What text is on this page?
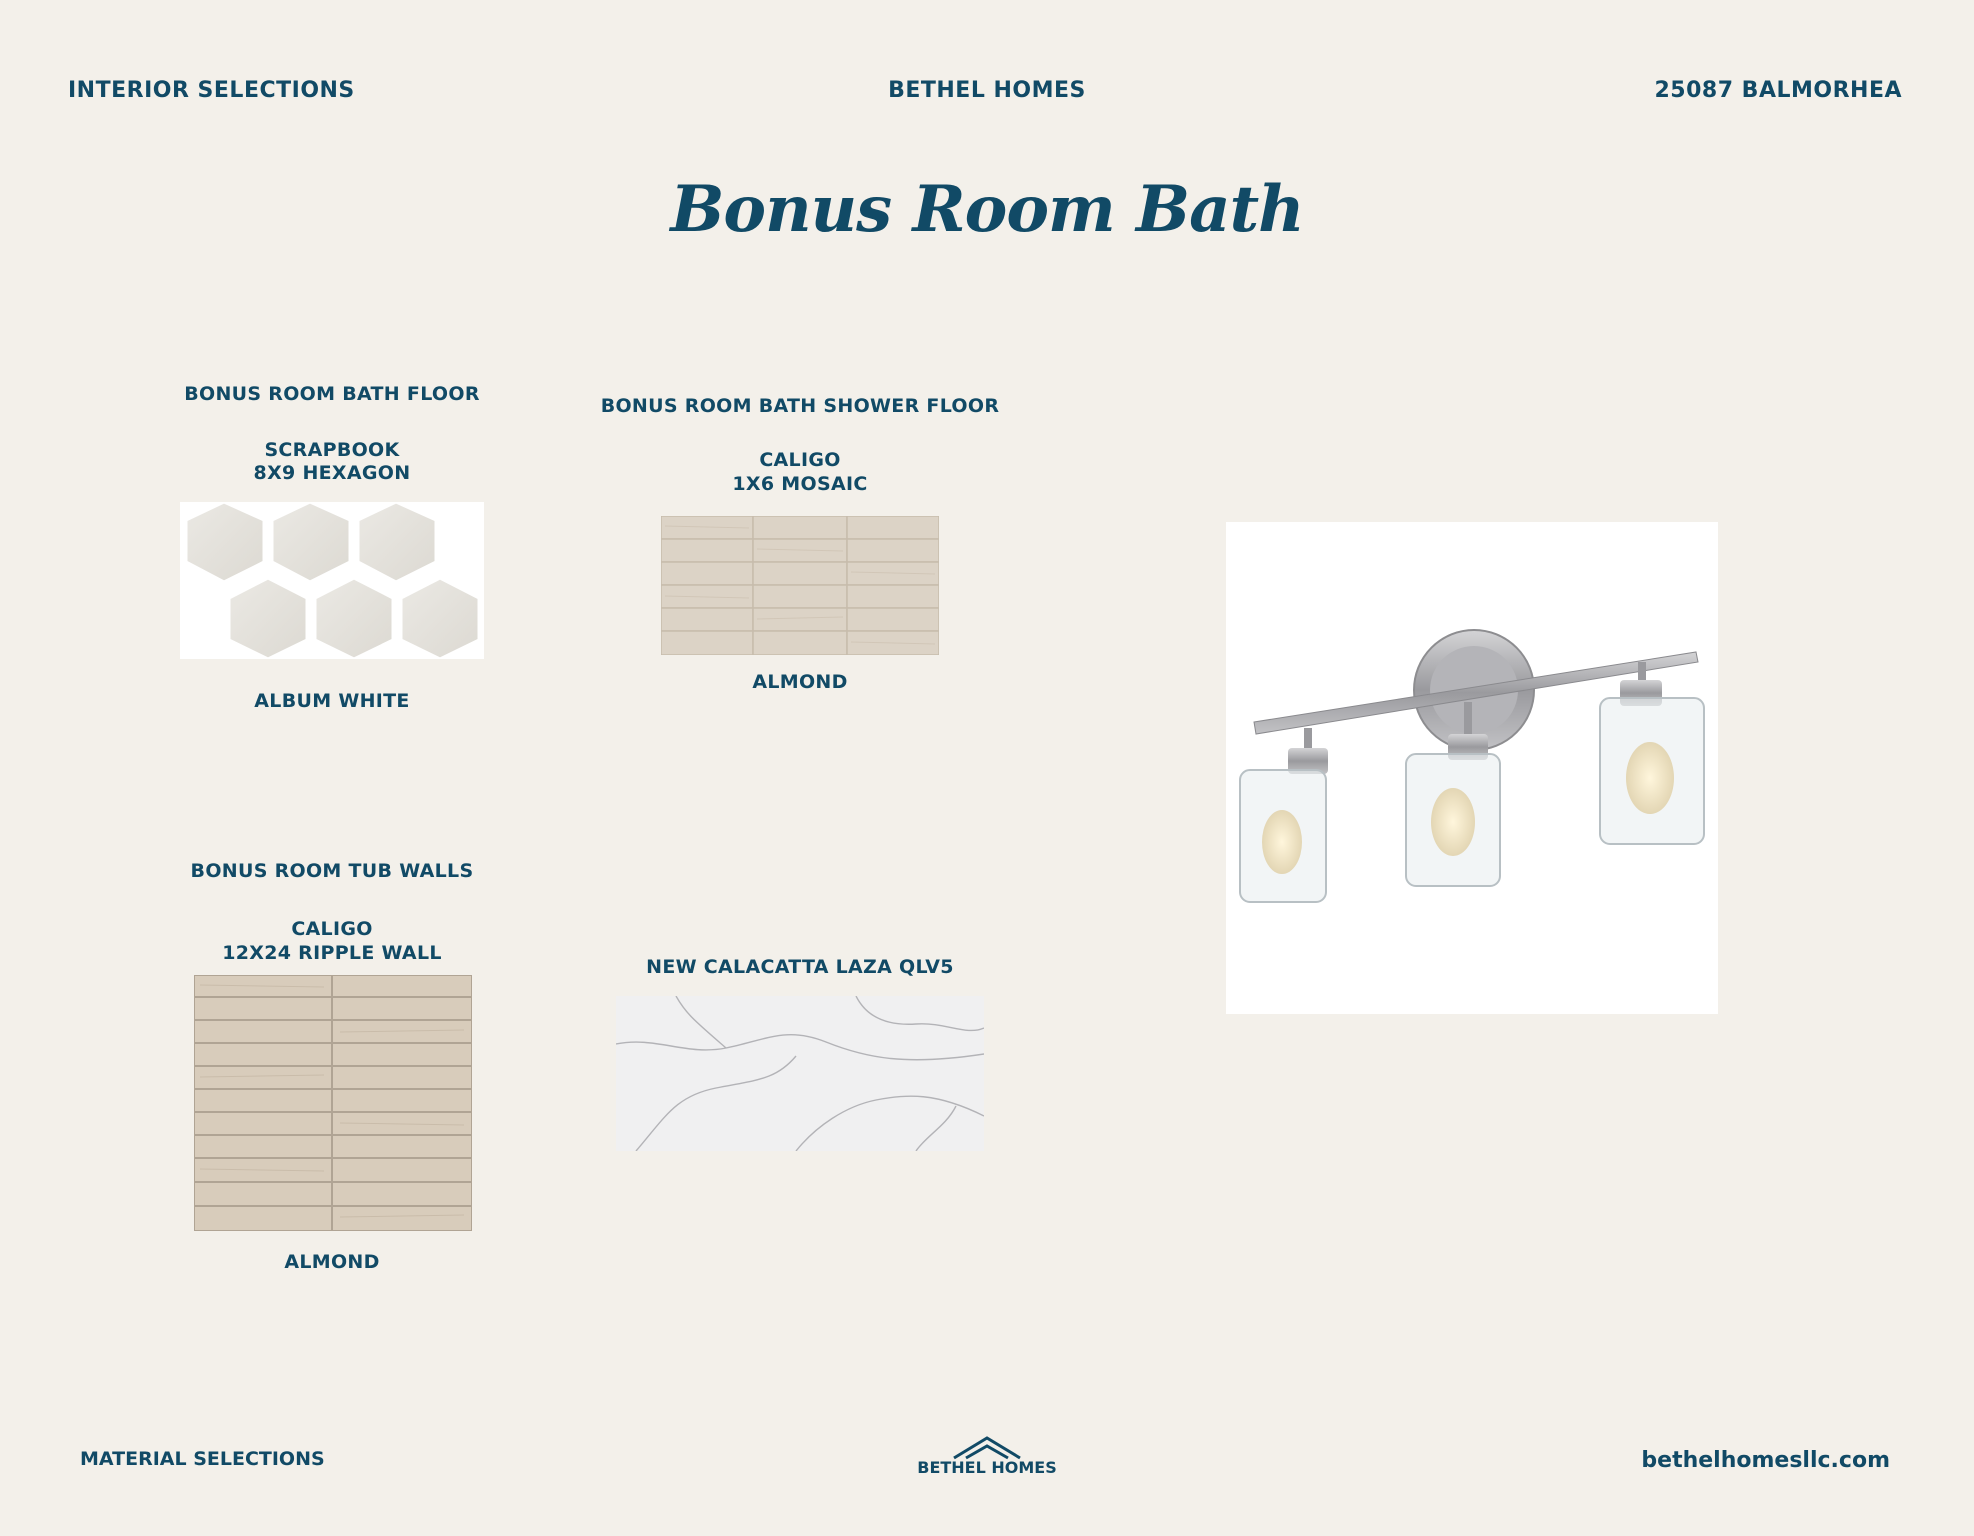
INTERIOR SELECTIONS	BETHEL HOMES	25087 BALMORHEA
Bonus Room Bath
BONUS ROOM BATH FLOOR
SCRAPBOOK
8X9 HEXAGON
ALBUM WHITE
BONUS ROOM BATH SHOWER FLOOR
CALIGO
1X6 MOSAIC
ALMOND
BONUS ROOM TUB WALLS
CALIGO
12X24 RIPPLE WALL
ALMOND
NEW CALACATTA LAZA QLV5
MATERIAL SELECTIONS	BETHEL HOMES	bethelhomesllc.com
